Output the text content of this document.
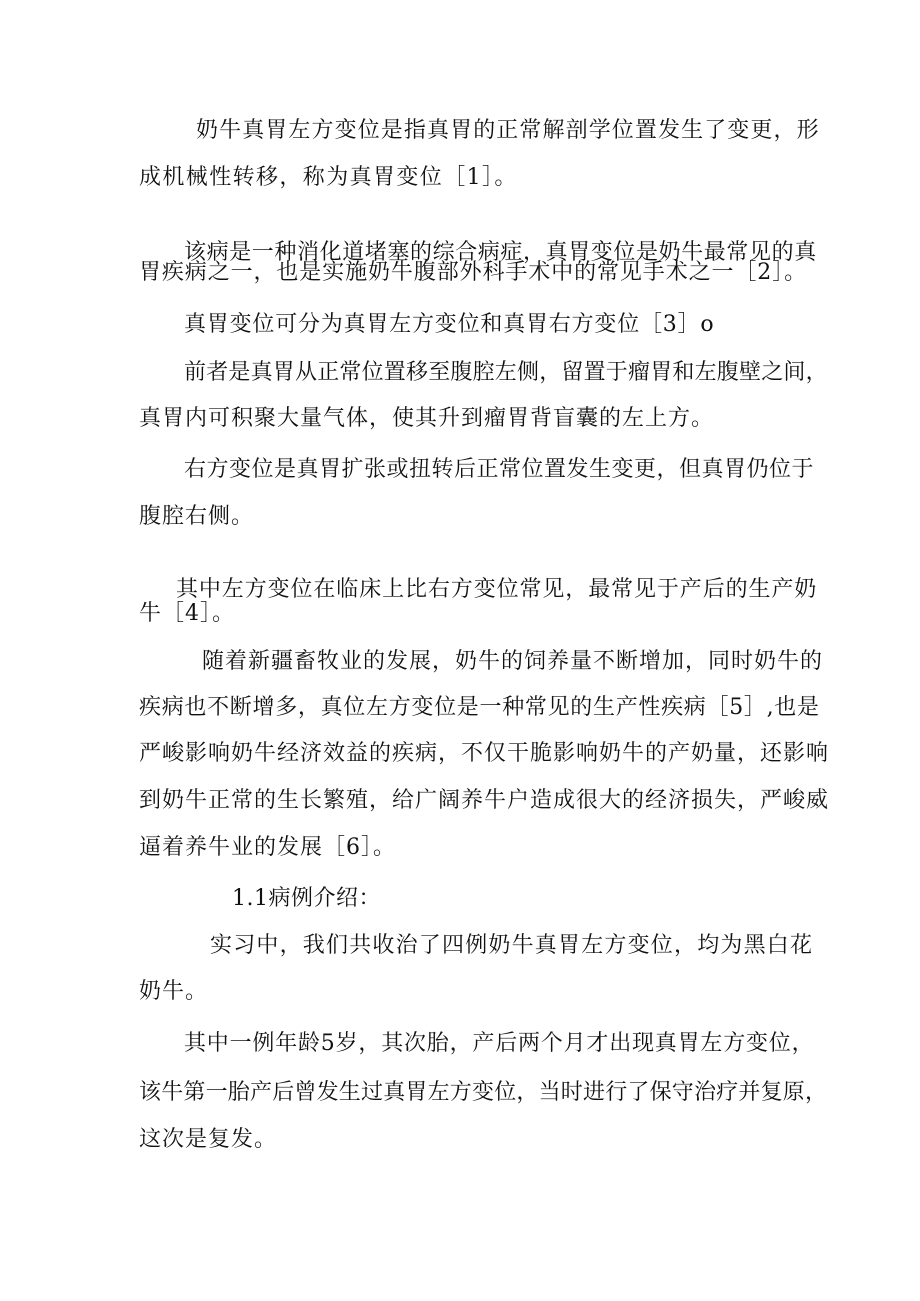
奶牛真胃左方变位是指真胃的正常解剖学位置发生了变更，形
成机械性转移，称为真胃变位［1］。
该病是一种消化道堵塞的综合病症，真胃变位是奶牛最常见的真
胃疾病之一，也是实施奶牛腹部外科手术中的常见手术之一［2］。
真胃变位可分为真胃左方变位和真胃右方变位［3］o
前者是真胃从正常位置移至腹腔左侧，留置于瘤胃和左腹壁之间，
真胃内可积聚大量气体，使其升到瘤胃背盲囊的左上方。
右方变位是真胃扩张或扭转后正常位置发生变更，但真胃仍位于
腹腔右侧。
其中左方变位在临床上比右方变位常见，最常见于产后的生产奶
牛［4］。
随着新疆畜牧业的发展，奶牛的饲养量不断增加，同时奶牛的
疾病也不断增多，真位左方变位是一种常见的生产性疾病［5］,也是
严峻影响奶牛经济效益的疾病，不仅干脆影响奶牛的产奶量，还影响
到奶牛正常的生长繁殖，给广阔养牛户造成很大的经济损失，严峻威
逼着养牛业的发展［6］。
1.1病例介绍：
实习中，我们共收治了四例奶牛真胃左方变位，均为黑白花
奶牛。
其中一例年龄5岁，其次胎，产后两个月才出现真胃左方变位，
该牛第一胎产后曾发生过真胃左方变位，当时进行了保守治疗并复原，
这次是复发。
